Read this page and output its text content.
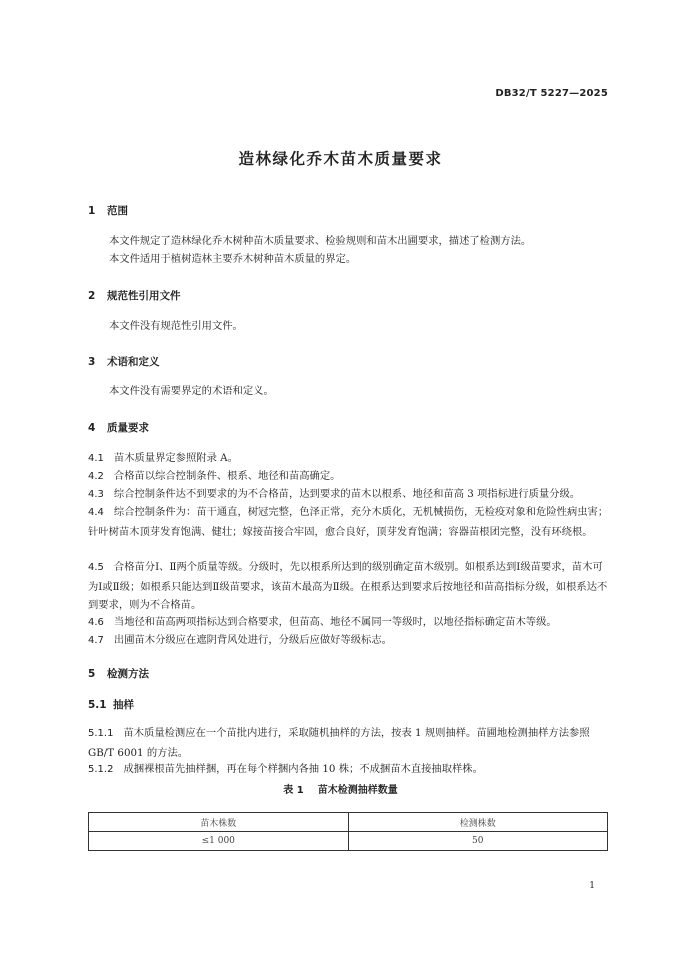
DB32/T 5227—2025
造林绿化乔木苗木质量要求
1 范围
本文件规定了造林绿化乔木树种苗木质量要求、检验规则和苗木出圃要求，描述了检测方法。
本文件适用于植树造林主要乔木树种苗木质量的界定。
2 规范性引用文件
本文件没有规范性引用文件。
3 术语和定义
本文件没有需要界定的术语和定义。
4 质量要求
4.1 苗木质量界定参照附录 A。
4.2 合格苗以综合控制条件、根系、地径和苗高确定。
4.3 综合控制条件达不到要求的为不合格苗，达到要求的苗木以根系、地径和苗高 3 项指标进行质量分级。
4.4 综合控制条件为：苗干通直，树冠完整，色泽正常，充分木质化，无机械损伤，无检疫对象和危险性病虫害；针叶树苗木顶芽发育饱满、健壮；嫁接苗接合牢固，愈合良好，顶芽发育饱满；容器苗根团完整，没有环绕根。
4.5 合格苗分Ⅰ、Ⅱ两个质量等级。分级时，先以根系所达到的级别确定苗木级别。如根系达到Ⅰ级苗要求，苗木可为Ⅰ或Ⅱ级；如根系只能达到Ⅱ级苗要求，该苗木最高为Ⅱ级。在根系达到要求后按地径和苗高指标分级，如根系达不到要求，则为不合格苗。
4.6 当地径和苗高两项指标达到合格要求，但苗高、地径不属同一等级时，以地径指标确定苗木等级。
4.7 出圃苗木分级应在遮阴背风处进行，分级后应做好等级标志。
5 检测方法
5.1 抽样
5.1.1 苗木质量检测应在一个苗批内进行，采取随机抽样的方法，按表 1 规则抽样。苗圃地检测抽样方法参照 GB/T 6001 的方法。
5.1.2 成捆裸根苗先抽样捆，再在每个样捆内各抽 10 株；不成捆苗木直接抽取样株。
表 1 苗木检测抽样数量
苗木株数	检测株数
≤1 000	50
1
